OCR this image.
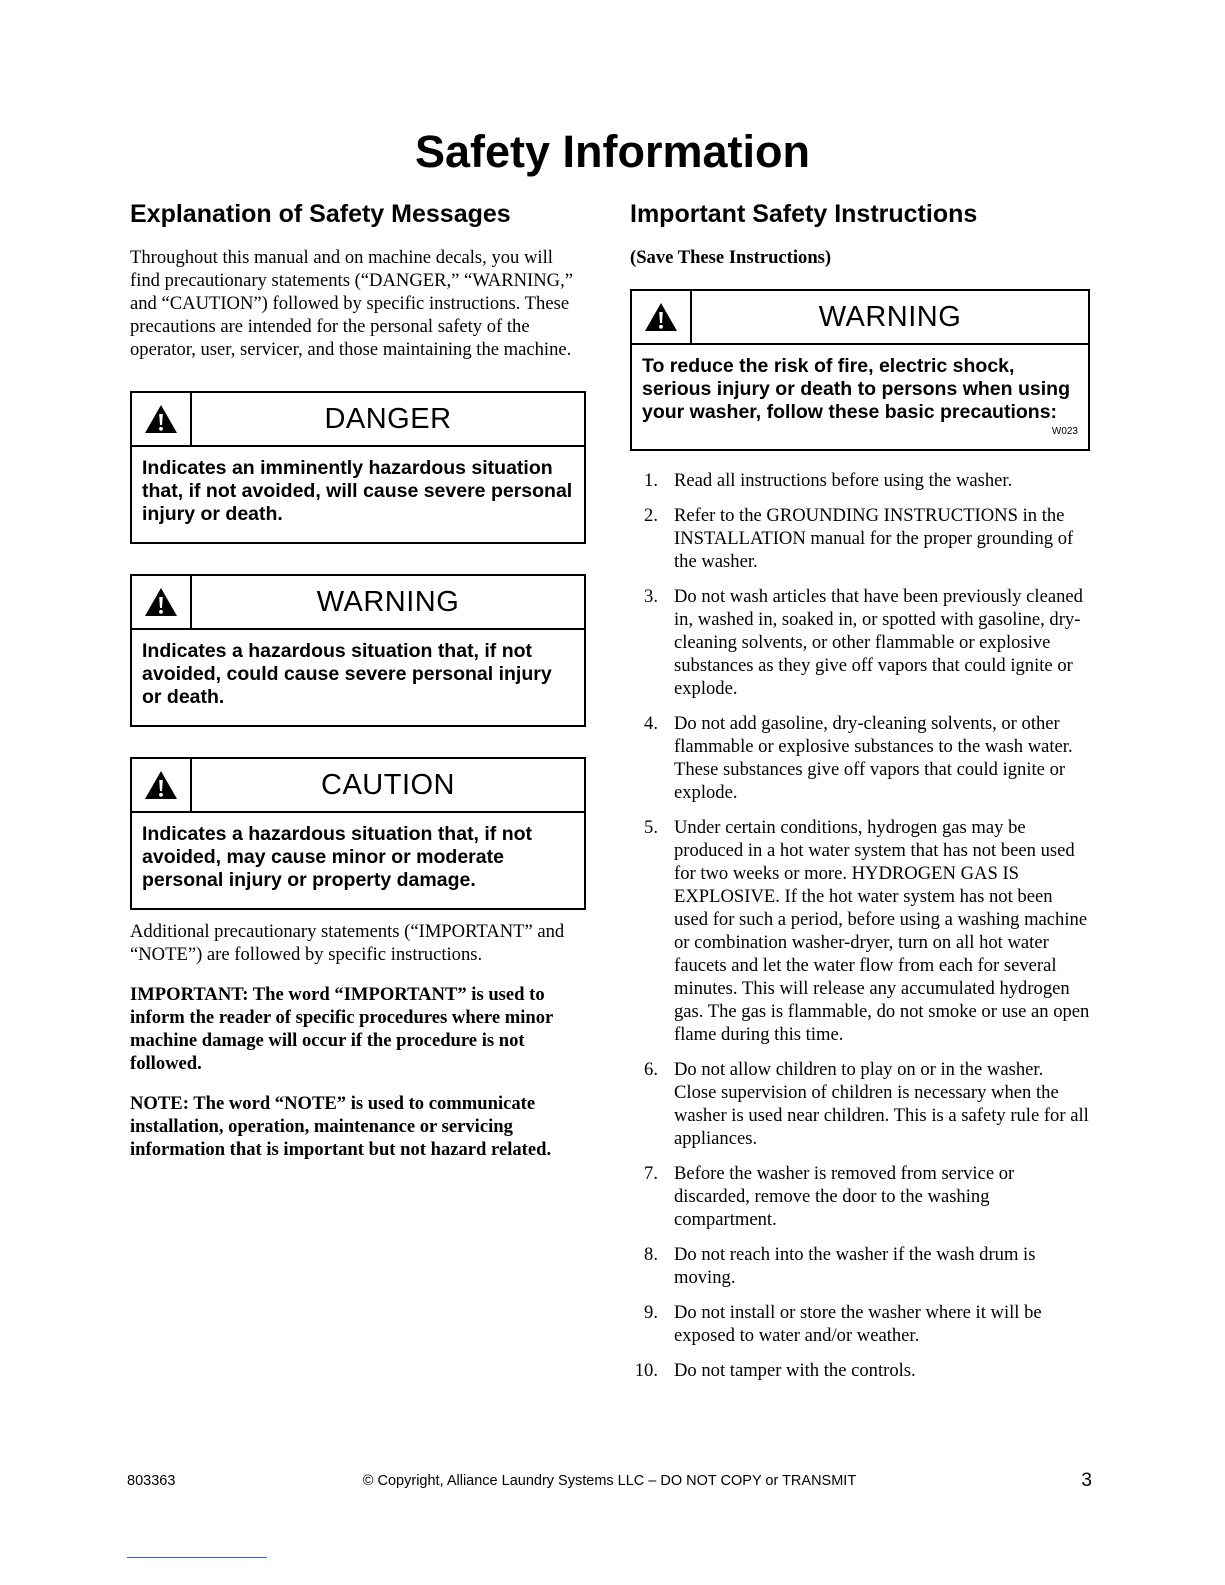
Safety Information
Explanation of Safety Messages

Throughout this manual and on machine decals, you will find precautionary statements (“DANGER,” “WARNING,” and “CAUTION”) followed by specific instructions. These precautions are intended for the personal safety of the operator, user, servicer, and those maintaining the machine.

DANGER
Indicates an imminently hazardous situation that, if not avoided, will cause severe personal injury or death.
WARNING
Indicates a hazardous situation that, if not avoided, could cause severe personal injury or death.
CAUTION
Indicates a hazardous situation that, if not avoided, may cause minor or moderate personal injury or property damage.

Additional precautionary statements (“IMPORTANT” and “NOTE”) are followed by specific instructions.

IMPORTANT: The word “IMPORTANT” is used to inform the reader of specific procedures where minor machine damage will occur if the procedure is not followed.

NOTE: The word “NOTE” is used to communicate installation, operation, maintenance or servicing information that is important but not hazard related.

Important Safety Instructions

(Save These Instructions)

WARNING
To reduce the risk of fire, electric shock, serious injury or death to persons when using your washer, follow these basic precautions:
W023
1. Read all instructions before using the washer.
2. Refer to the GROUNDING INSTRUCTIONS in the INSTALLATION manual for the proper grounding of the washer.
3. Do not wash articles that have been previously cleaned in, washed in, soaked in, or spotted with gasoline, dry-cleaning solvents, or other flammable or explosive substances as they give off vapors that could ignite or explode.
4. Do not add gasoline, dry-cleaning solvents, or other flammable or explosive substances to the wash water. These substances give off vapors that could ignite or explode.
5. Under certain conditions, hydrogen gas may be produced in a hot water system that has not been used for two weeks or more. HYDROGEN GAS IS EXPLOSIVE. If the hot water system has not been used for such a period, before using a washing machine or combination washer-dryer, turn on all hot water faucets and let the water flow from each for several minutes. This will release any accumulated hydrogen gas. The gas is flammable, do not smoke or use an open flame during this time.
6. Do not allow children to play on or in the washer. Close supervision of children is necessary when the washer is used near children. This is a safety rule for all appliances.
7. Before the washer is removed from service or discarded, remove the door to the washing compartment.
8. Do not reach into the washer if the wash drum is moving.
9. Do not install or store the washer where it will be exposed to water and/or weather.
10. Do not tamper with the controls.
803363	© Copyright, Alliance Laundry Systems LLC – DO NOT COPY or TRANSMIT	3
